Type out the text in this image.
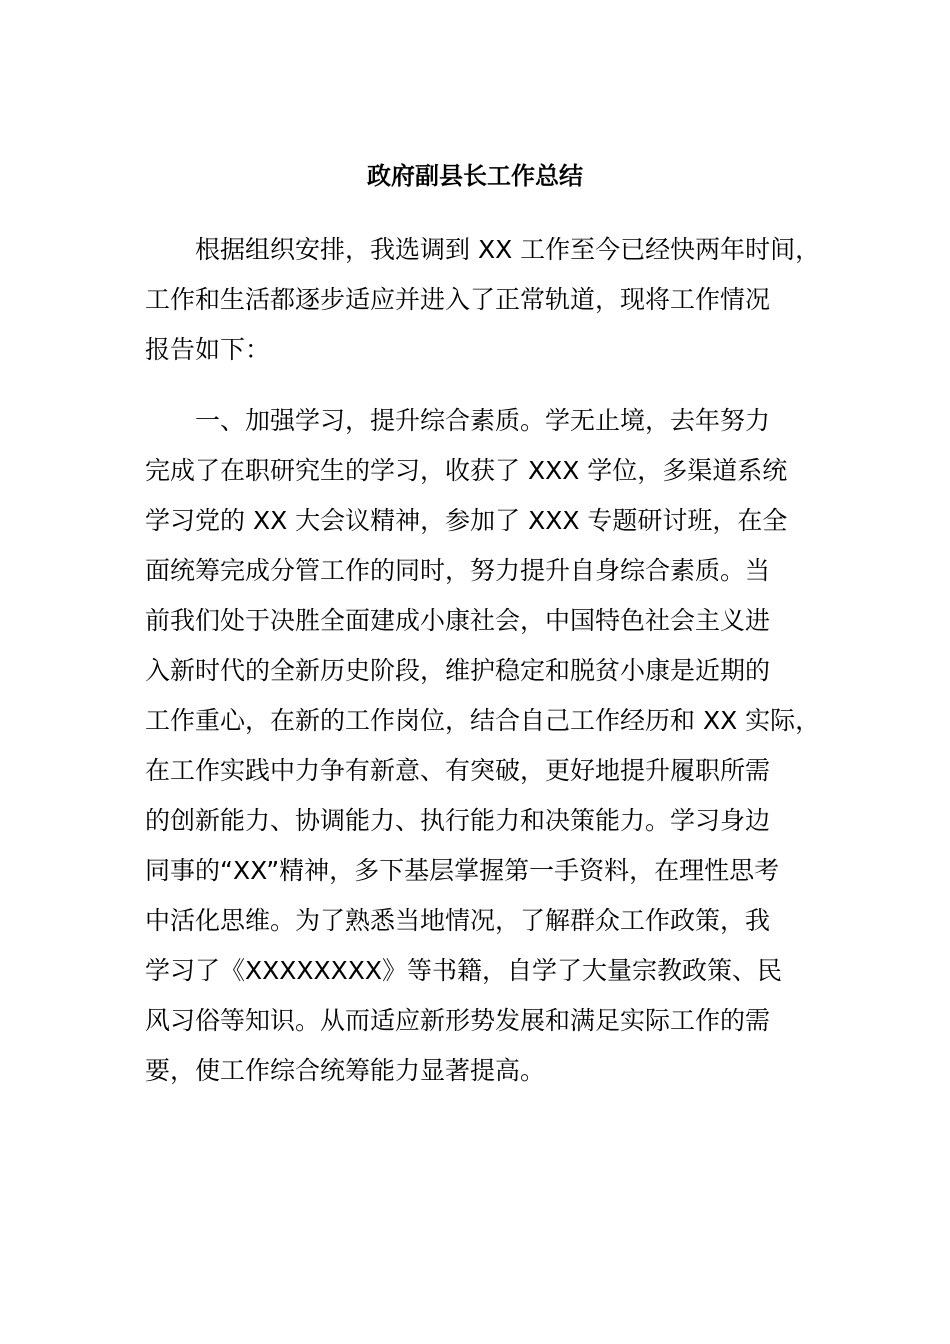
政府副县长工作总结
根据组织安排，我选调到 XX 工作至今已经快两年时间，
工作和生活都逐步适应并进入了正常轨道，现将工作情况
报告如下：
一、加强学习，提升综合素质。学无止境，去年努力
完成了在职研究生的学习，收获了 XXX 学位，多渠道系统
学习党的 XX 大会议精神，参加了 XXX 专题研讨班，在全
面统筹完成分管工作的同时，努力提升自身综合素质。当
前我们处于决胜全面建成小康社会，中国特色社会主义进
入新时代的全新历史阶段，维护稳定和脱贫小康是近期的
工作重心，在新的工作岗位，结合自己工作经历和 XX 实际，
在工作实践中力争有新意、有突破，更好地提升履职所需
的创新能力、协调能力、执行能力和决策能力。学习身边
同事的“XX”精神，多下基层掌握第一手资料，在理性思考
中活化思维。为了熟悉当地情况，了解群众工作政策，我
学习了《XXXXXXXX》等书籍，自学了大量宗教政策、民
风习俗等知识。从而适应新形势发展和满足实际工作的需
要，使工作综合统筹能力显著提高。
